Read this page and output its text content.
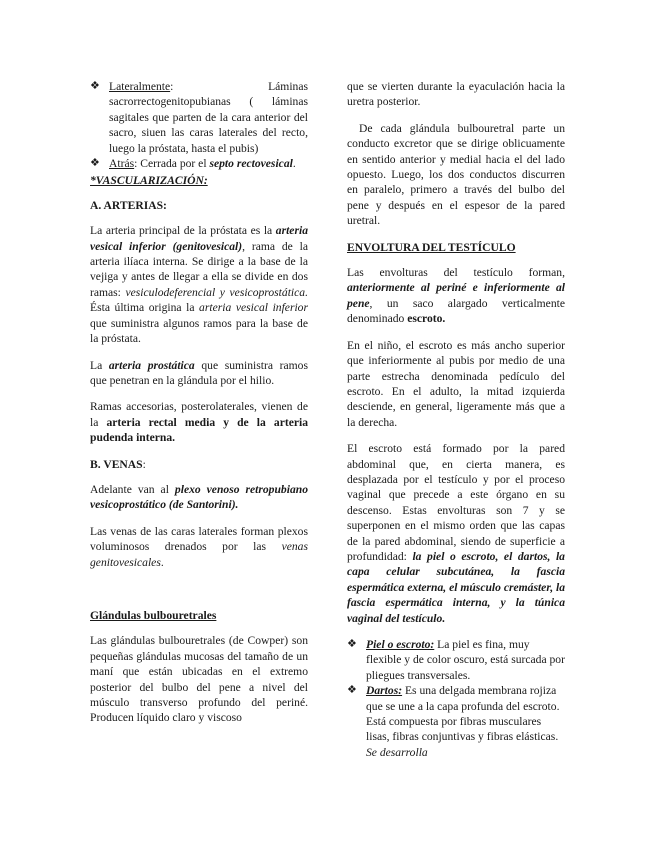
❖ Lateralmente: Láminas sacrorrectogenitopubianas ( láminas sagitales que parten de la cara anterior del sacro, siuen las caras laterales del recto, luego la próstata, hasta el pubis)
❖ Atrás: Cerrada por el septo rectovesical.

*VASCULARIZACIÓN:

A. ARTERIAS:

La arteria principal de la próstata es la arteria vesical inferior (genitovesical), rama de la arteria ilíaca interna. Se dirige a la base de la vejiga y antes de llegar a ella se divide en dos ramas: vesiculodeferencial y vesicoprostática. Ésta última origina la arteria vesical inferior que suministra algunos ramos para la base de la próstata.

La arteria prostática que suministra ramos que penetran en la glándula por el hilio.

Ramas accesorias, posterolaterales, vienen de la arteria rectal media y de la arteria pudenda interna.

B. VENAS:

Adelante van al plexo venoso retropubiano vesicoprostático (de Santorini).

Las venas de las caras laterales forman plexos voluminosos drenados por las venas genitovesicales.

Glándulas bulbouretrales

Las glándulas bulbouretrales (de Cowper) son pequeñas glándulas mucosas del tamaño de un maní que están ubicadas en el extremo posterior del bulbo del pene a nivel del músculo transverso profundo del periné. Producen líquido claro y viscoso

que se vierten durante la eyaculación hacia la uretra posterior.

De cada glándula bulbouretral parte un conducto excretor que se dirige oblicuamente en sentido anterior y medial hacia el del lado opuesto. Luego, los dos conductos discurren en paralelo, primero a través del bulbo del pene y después en el espesor de la pared uretral.

ENVOLTURA DEL TESTÍCULO

Las envolturas del testículo forman, anteriormente al periné e inferiormente al pene, un saco alargado verticalmente denominado escroto.

En el niño, el escroto es más ancho superior que inferiormente al pubis por medio de una parte estrecha denominada pedículo del escroto. En el adulto, la mitad izquierda desciende, en general, ligeramente más que a la derecha.

El escroto está formado por la pared abdominal que, en cierta manera, es desplazada por el testículo y por el proceso vaginal que precede a este órgano en su descenso. Estas envolturas son 7 y se superponen en el mismo orden que las capas de la pared abdominal, siendo de superficie a profundidad: la piel o escroto, el dartos, la capa celular subcutánea, la fascia espermática externa, el músculo cremáster, la fascia espermática interna, y la túnica vaginal del testículo.

❖ Piel o escroto: La piel es fina, muy flexible y de color oscuro, está surcada por pliegues transversales.
❖ Dartos: Es una delgada membrana rojiza que se une a la capa profunda del escroto. Está compuesta por fibras musculares lisas, fibras conjuntivas y fibras elásticas. Se desarrolla
